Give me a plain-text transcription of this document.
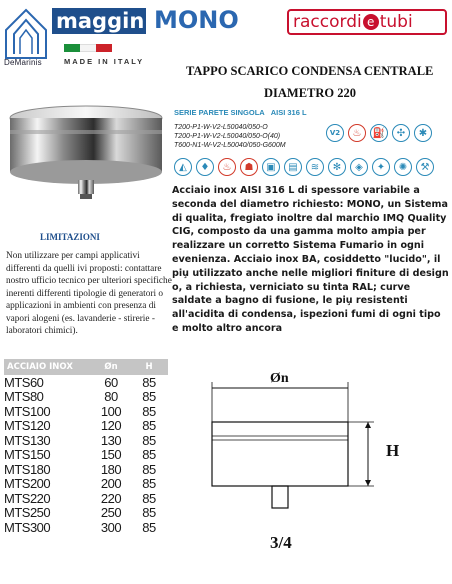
DeMarinis
maggini MONO
MADE IN ITALY
raccordi e tubi
TAPPO SCARICO CONDENSA CENTRALE
DIAMETRO 220
SERIE PARETE SINGOLA AISI 316 L
T200-P1-W-V2-L50040/050-O
T200-P1-W-V2-L50040/050-O(40)
T600-N1-W-V2-L50040/050-G600M
V2	♨	⛽	✣	✱
◭	♦	♨	☗	▣	▤	≋	✻	◈	✦	✺	⚒
Acciaio inox AISI 316 L di spessore variabile a seconda del diametro richiesto: MONO, un Sistema di qualita, fregiato inoltre dal marchio IMQ Quality CIG, composto da una gamma molto ampia per realizzare un corretto Sistema Fumario in ogni evenienza. Acciaio inox BA, cosiddetto "lucido", il piu̧ utilizzato anche nelle migliori finiture di design o, a richiesta, verniciato su tinta RAL; curve saldate a bagno di fusione, le piu̧ resistenti all'acidita di condensa, ispezioni fumi di ogni tipo e molto altro ancora
LIMITAZIONI
Non utilizzare per campi applicativi differenti da quelli ivi proposti: contattare nostro ufficio tecnico per ulteriori specifiche inerenti differenti tipologie di generatori o applicazioni in ambienti con presenza di vapori alogeni (es. lavanderie - stirerie - laboratori chimici).
ACCIAIO INOX	Øn	H
MTS60	60	85
MTS80	80	85
MTS100	100	85
MTS120	120	85
MTS130	130	85
MTS150	150	85
MTS180	180	85
MTS200	200	85
MTS220	220	85
MTS250	250	85
MTS300	300	85
Øn
H
3/4
